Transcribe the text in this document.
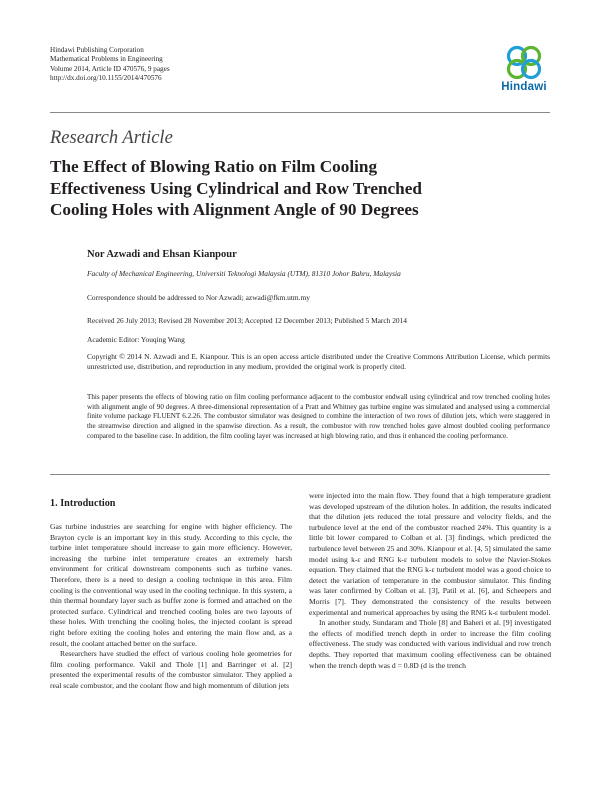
Hindawi Publishing Corporation
Mathematical Problems in Engineering
Volume 2014, Article ID 470576, 9 pages
http://dx.doi.org/10.1155/2014/470576
Hindawi
Research Article
The Effect of Blowing Ratio on Film Cooling
Effectiveness Using Cylindrical and Row Trenched
Cooling Holes with Alignment Angle of 90 Degrees
Nor Azwadi and Ehsan Kianpour
Faculty of Mechanical Engineering, Universiti Teknologi Malaysia (UTM), 81310 Johor Bahru, Malaysia
Correspondence should be addressed to Nor Azwadi; azwadi@fkm.utm.my
Received 26 July 2013; Revised 28 November 2013; Accepted 12 December 2013; Published 5 March 2014
Academic Editor: Youqing Wang
Copyright © 2014 N. Azwadi and E. Kianpour. This is an open access article distributed under the Creative Commons Attribution License, which permits unrestricted use, distribution, and reproduction in any medium, provided the original work is properly cited.
This paper presents the effects of blowing ratio on film cooling performance adjacent to the combustor endwall using cylindrical and row trenched cooling holes with alignment angle of 90 degrees. A three-dimensional representation of a Pratt and Whitney gas turbine engine was simulated and analysed using a commercial finite volume package FLUENT 6.2.26. The combustor simulator was designed to combine the interaction of two rows of dilution jets, which were staggered in the streamwise direction and aligned in the spanwise direction. As a result, the combustor with row trenched holes gave almost doubled cooling performance compared to the baseline case. In addition, the film cooling layer was increased at high blowing ratio, and thus it enhanced the cooling performance.
1. Introduction

Gas turbine industries are searching for engine with higher efficiency. The Brayton cycle is an important key in this study. According to this cycle, the turbine inlet temperature should increase to gain more efficiency. However, increasing the turbine inlet temperature creates an extremely harsh environment for critical downstream components such as turbine vanes. Therefore, there is a need to design a cooling technique in this area. Film cooling is the conventional way used in the cooling technique. In this system, a thin thermal boundary layer such as buffer zone is formed and attached on the protected surface. Cylindrical and trenched cooling holes are two layouts of these holes. With trenching the cooling holes, the injected coolant is spread right before exiting the cooling holes and entering the main flow and, as a result, the coolant attached better on the surface.

Researchers have studied the effect of various cooling hole geometries for film cooling performance. Vakil and Thole [1] and Barringer et al. [2] presented the experimental results of the combustor simulator. They applied a real scale combustor, and the coolant flow and high momentum of dilution jets

were injected into the main flow. They found that a high temperature gradient was developed upstream of the dilution holes. In addition, the results indicated that the dilution jets reduced the total pressure and velocity fields, and the turbulence level at the end of the combustor reached 24%. This quantity is a little bit lower compared to Colban et al. [3] findings, which predicted the turbulence level between 25 and 30%. Kianpour et al. [4, 5] simulated the same model using k-ε and RNG k-ε turbulent models to solve the Navier-Stokes equation. They claimed that the RNG k-ε turbulent model was a good choice to detect the variation of temperature in the combustor simulator. This finding was later confirmed by Colban et al. [3], Patil et al. [6], and Scheepers and Morris [7]. They demonstrated the consistency of the results between experimental and numerical approaches by using the RNG k-ε turbulent model.

In another study, Sundaram and Thole [8] and Baheri et al. [9] investigated the effects of modified trench depth in order to increase the film cooling effectiveness. The study was conducted with various individual and row trench depths. They reported that maximum cooling effectiveness can be obtained when the trench depth was d = 0.8D (d is the trench
